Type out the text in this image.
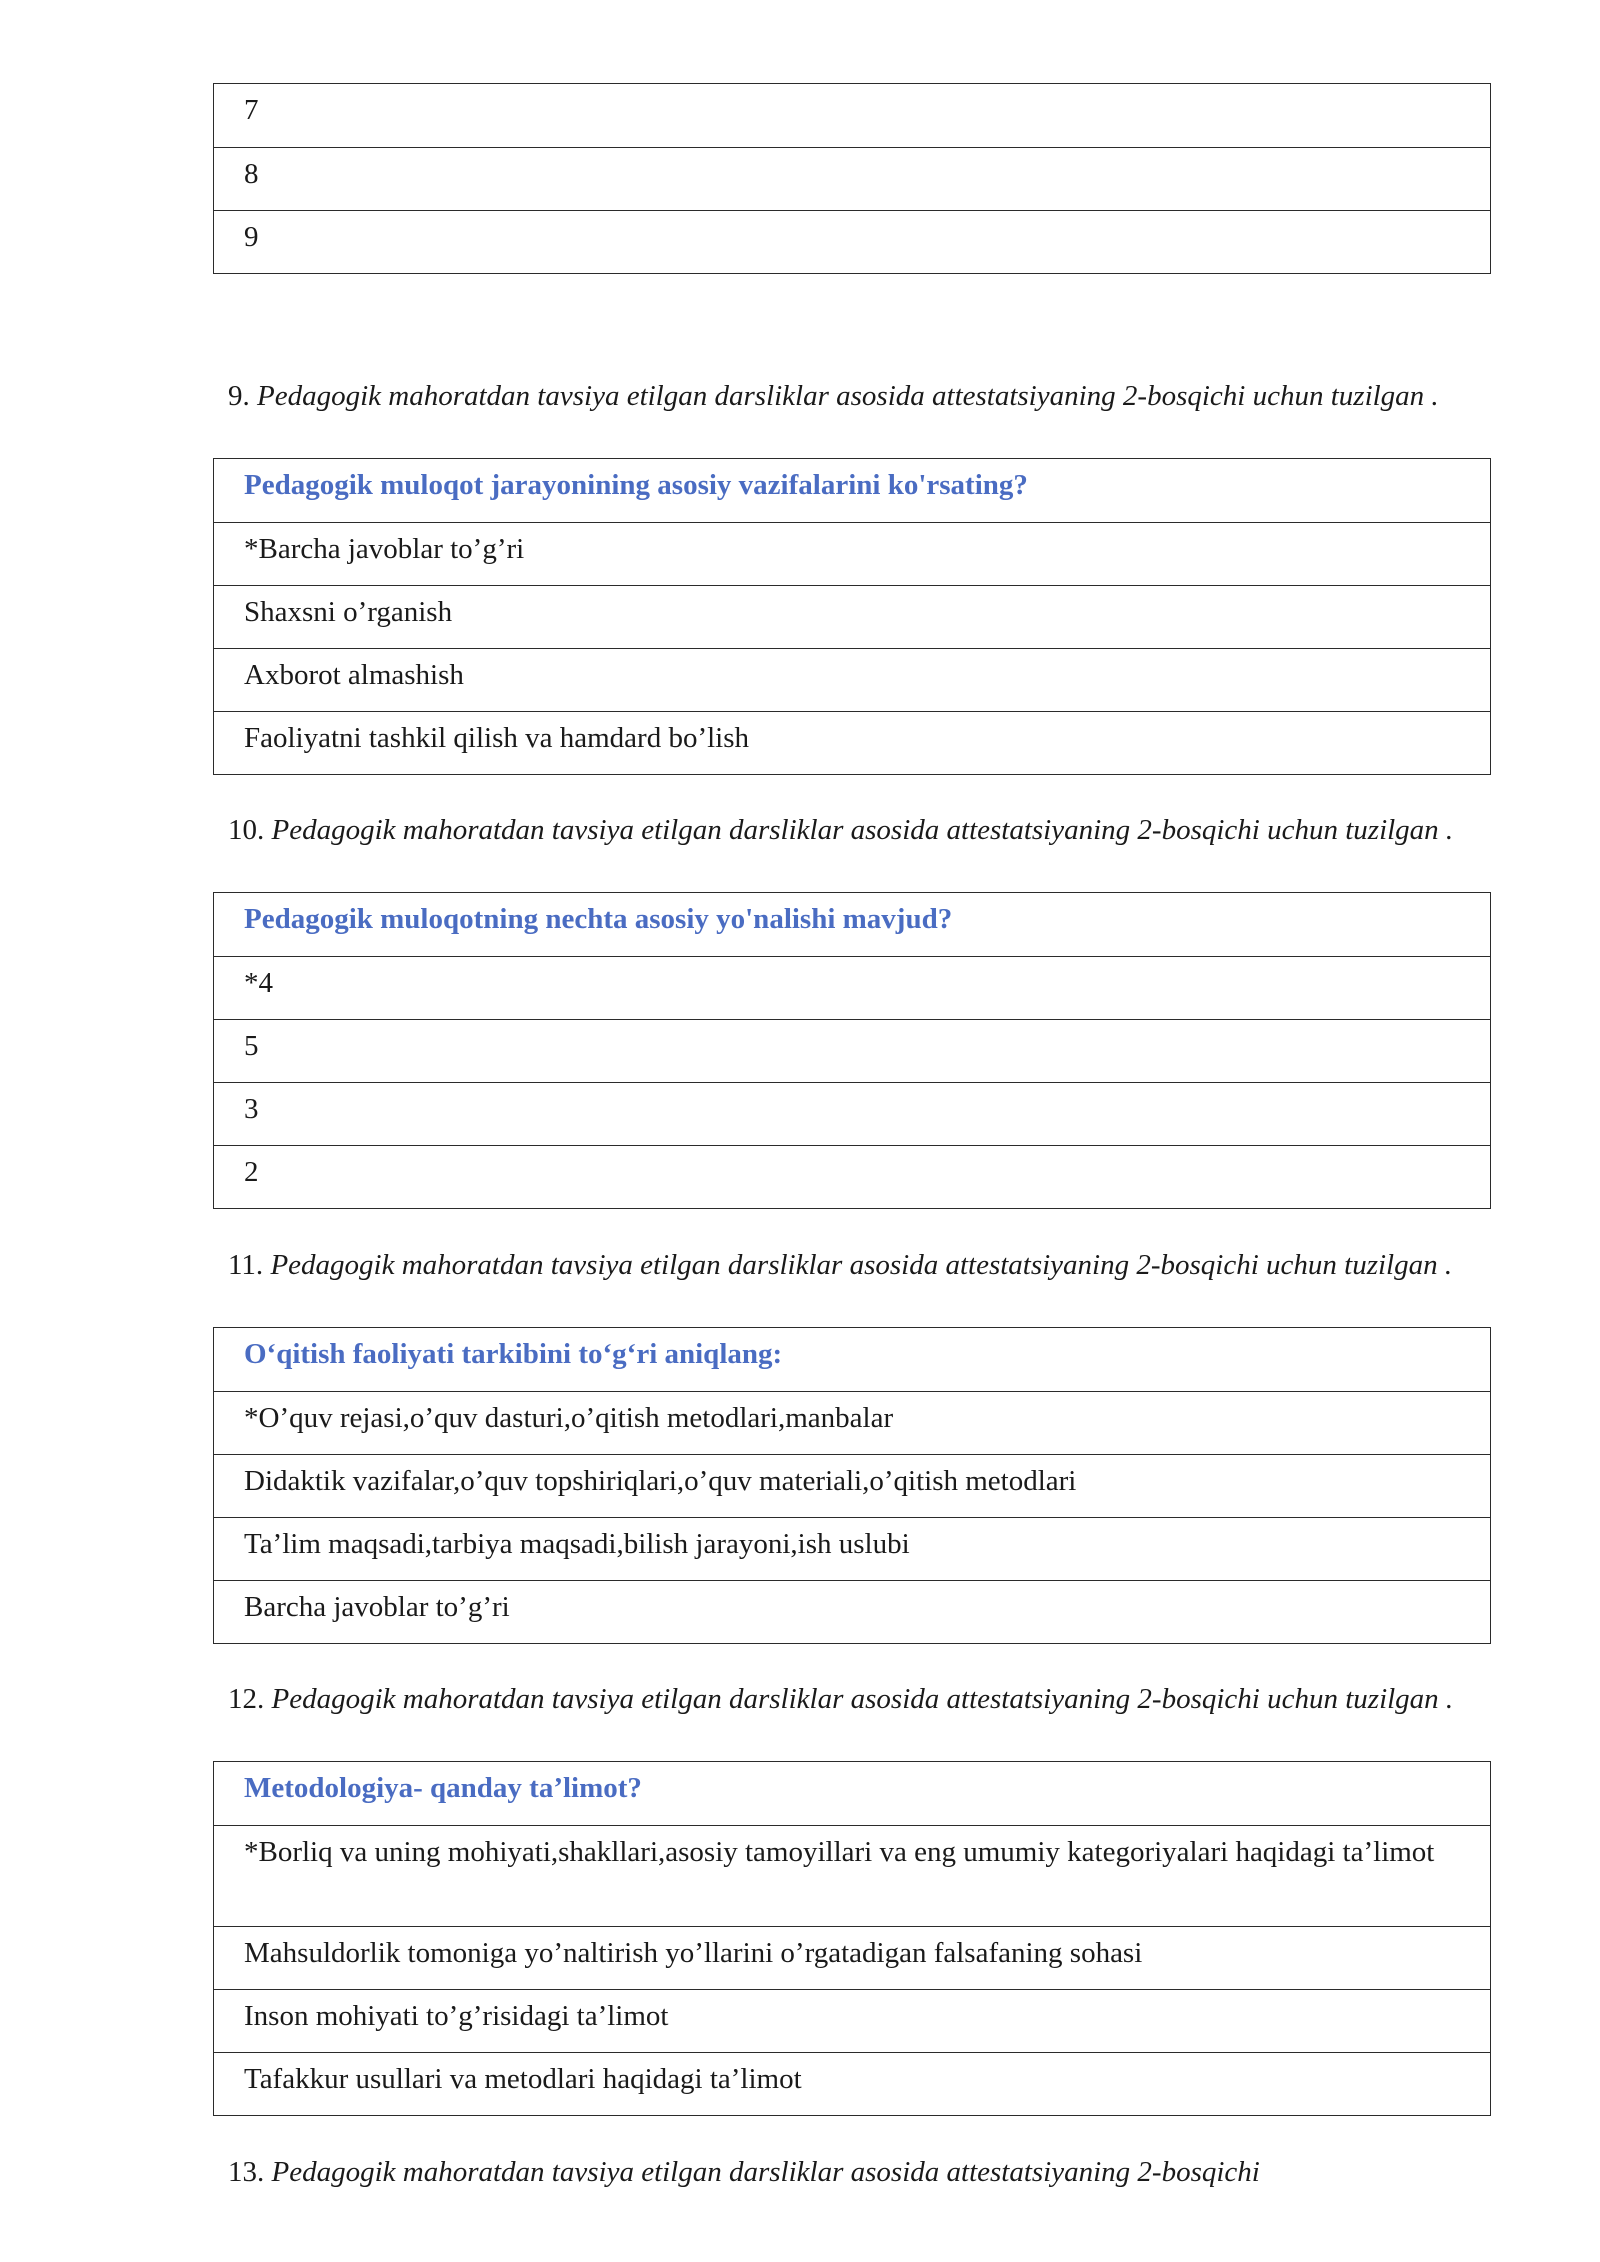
7
8
9
9. Pedagogik mahoratdan tavsiya etilgan darsliklar asosida attestatsiyaning 2-bosqichi uchun tuzilgan .
Pedagogik muloqot jarayonining asosiy vazifalarini ko'rsating?
*Barcha javoblar to’g’ri
Shaxsni o’rganish
Axborot almashish
Faoliyatni tashkil qilish va hamdard bo’lish
10. Pedagogik mahoratdan tavsiya etilgan darsliklar asosida attestatsiyaning 2-bosqichi uchun tuzilgan .
Pedagogik muloqotning nechta asosiy yo'nalishi mavjud?
*4
5
3
2
11. Pedagogik mahoratdan tavsiya etilgan darsliklar asosida attestatsiyaning 2-bosqichi uchun tuzilgan .
O‘qitish faoliyati tarkibini to‘g‘ri aniqlang:
*O’quv rejasi,o’quv dasturi,o’qitish metodlari,manbalar
Didaktik vazifalar,o’quv topshiriqlari,o’quv materiali,o’qitish metodlari
Ta’lim maqsadi,tarbiya maqsadi,bilish jarayoni,ish uslubi
Barcha javoblar to’g’ri
12. Pedagogik mahoratdan tavsiya etilgan darsliklar asosida attestatsiyaning 2-bosqichi uchun tuzilgan .
Metodologiya- qanday ta’limot?
*Borliq va uning mohiyati,shakllari,asosiy tamoyillari va eng umumiy kategoriyalari haqidagi ta’limot
Mahsuldorlik tomoniga yo’naltirish yo’llarini o’rgatadigan falsafaning sohasi
Inson mohiyati to’g’risidagi ta’limot
Tafakkur usullari va metodlari haqidagi ta’limot
13. Pedagogik mahoratdan tavsiya etilgan darsliklar asosida attestatsiyaning 2-bosqichi
